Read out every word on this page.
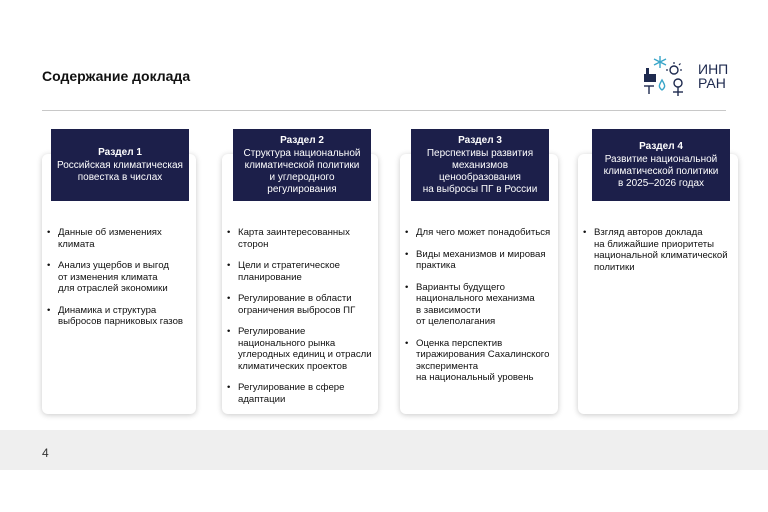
Содержание доклада	ИНП
РАН
Раздел 1
Российская климатическая
повестка в числах
Раздел 2
Структура национальной
климатической политики
и углеродного регулирования
Раздел 3
Перспективы развития
механизмов ценообразования
на выбросы ПГ в России
Раздел 4
Развитие национальной
климатической политики
в 2025–2026 годах
• Данные об изменениях
климата
• Анализ ущербов и выгод
от изменения климата
для отраслей экономики
• Динамика и структура
выбросов парниковых газов
• Карта заинтересованных
сторон
• Цели и стратегическое
планирование
• Регулирование в области
ограничения выбросов ПГ
• Регулирование
национального рынка
углеродных единиц и отрасли
климатических проектов
• Регулирование в сфере
адаптации
• Для чего может понадобиться
• Виды механизмов и мировая
практика
• Варианты будущего
национального механизма
в зависимости
от целеполагания
• Оценка перспектив
тиражирования Сахалинского
эксперимента
на национальный уровень
• Взгляд авторов доклада
на ближайшие приоритеты
национальной климатической
политики
4
